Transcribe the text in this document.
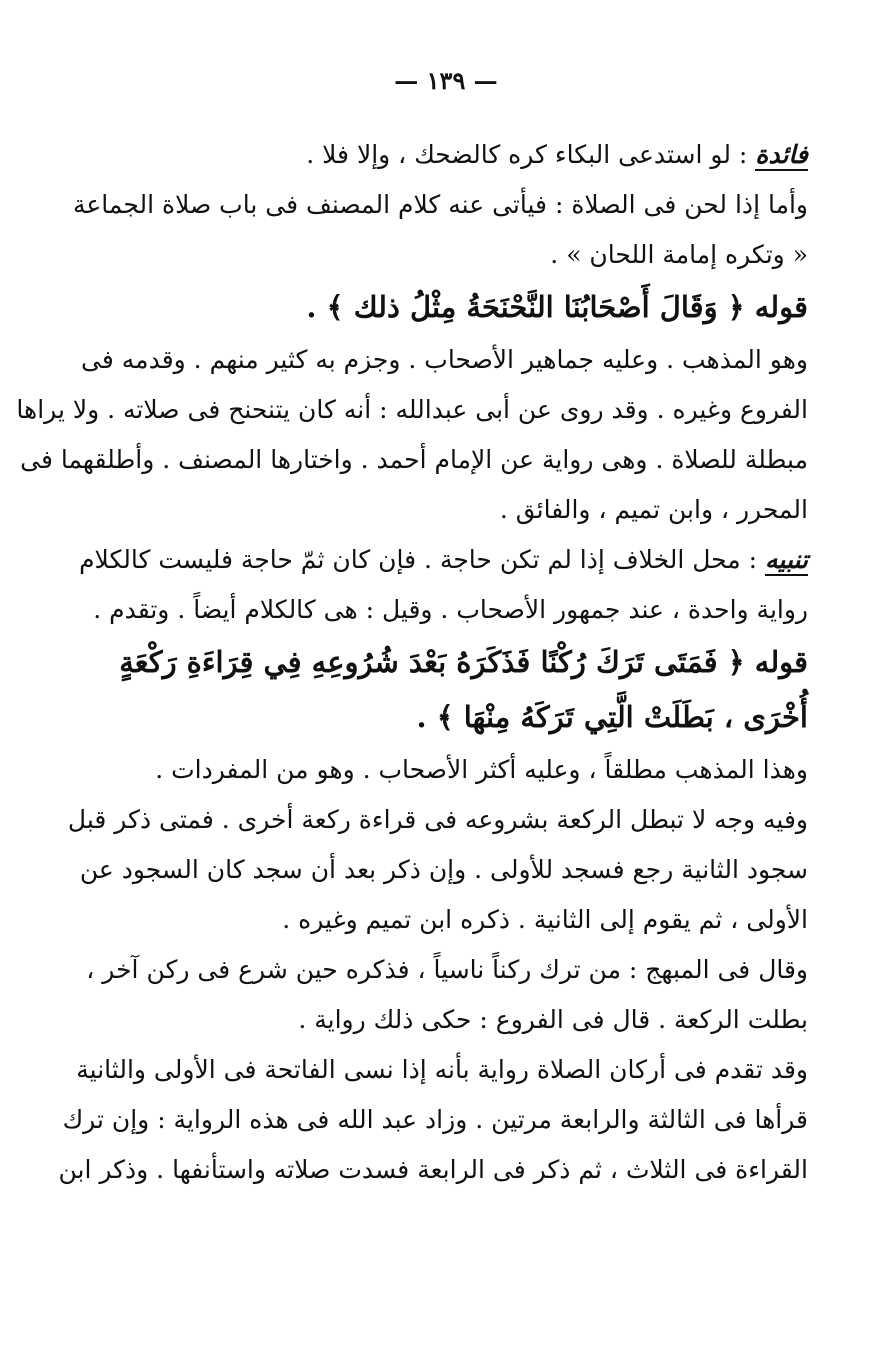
— ١٣٩ —
فائدة : لو استدعى البكاء كره كالضحك ، وإلا فلا .
وأما إذا لحن فى الصلاة : فيأتى عنه كلام المصنف فى باب صلاة الجماعة
« وتكره إمامة اللحان » .
قوله ﴿ وَقَالَ أَصْحَابُنَا النَّحْنَحَةُ مِثْلُ ذلك ﴾ .
وهو المذهب . وعليه جماهير الأصحاب . وجزم به كثير منهم . وقدمه فى
الفروع وغيره . وقد روى عن أبى عبدالله : أنه كان يتنحنح فى صلاته . ولا يراها
مبطلة للصلاة . وهى رواية عن الإمام أحمد . واختارها المصنف . وأطلقهما فى
المحرر ، وابن تميم ، والفائق .
تنبيه : محل الخلاف إذا لم تكن حاجة . فإن كان ثمّ حاجة فليست كالكلام
رواية واحدة ، عند جمهور الأصحاب . وقيل : هى كالكلام أيضاً . وتقدم .
قوله ﴿ فَمَتَى تَرَكَ رُكْنًا فَذَكَرَهُ بَعْدَ شُرُوعِهِ فِي قِرَاءَةِ رَكْعَةٍ
أُخْرَى ، بَطَلَتْ الَّتِي تَرَكَهُ مِنْهَا ﴾ .
وهذا المذهب مطلقاً ، وعليه أكثر الأصحاب . وهو من المفردات .
وفيه وجه لا تبطل الركعة بشروعه فى قراءة ركعة أخرى . فمتى ذكر قبل
سجود الثانية رجع فسجد للأولى . وإن ذكر بعد أن سجد كان السجود عن
الأولى ، ثم يقوم إلى الثانية . ذكره ابن تميم وغيره .
وقال فى المبهج : من ترك ركناً ناسياً ، فذكره حين شرع فى ركن آخر ،
بطلت الركعة . قال فى الفروع : حكى ذلك رواية .
وقد تقدم فى أركان الصلاة رواية بأنه إذا نسى الفاتحة فى الأولى والثانية
قرأها فى الثالثة والرابعة مرتين . وزاد عبد الله فى هذه الرواية : وإن ترك
القراءة فى الثلاث ، ثم ذكر فى الرابعة فسدت صلاته واستأنفها . وذكر ابن
